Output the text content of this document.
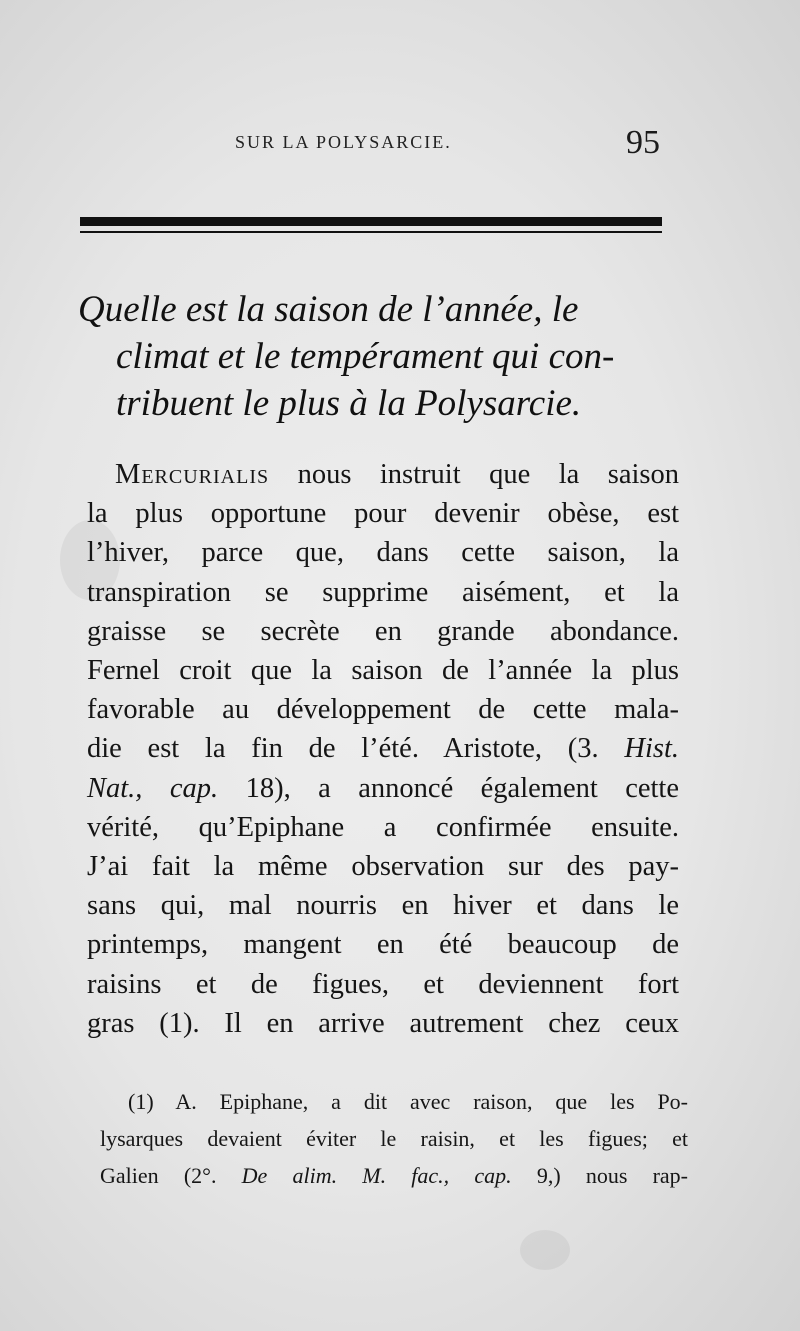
SUR LA POLYSARCIE.	95
Quelle est la saison de l’année, le
climat et le tempérament qui con-
tribuent le plus à la Polysarcie.
Mercurialis nous instruit que la saison
la plus opportune pour devenir obèse, est
l’hiver, parce que, dans cette saison, la
transpiration se supprime aisément, et la
graisse se secrète en grande abondance.
Fernel croit que la saison de l’année la plus
favorable au développement de cette mala-
die est la fin de l’été. Aristote, (3. Hist.
Nat., cap. 18), a annoncé également cette
vérité, qu’Epiphane a confirmée ensuite.
J’ai fait la même observation sur des pay-
sans qui, mal nourris en hiver et dans le
printemps, mangent en été beaucoup de
raisins et de figues, et deviennent fort
gras (1). Il en arrive autrement chez ceux
(1) A. Epiphane, a dit avec raison, que les Po-
lysarques devaient éviter le raisin, et les figues; et
Galien (2°. De alim. M. fac., cap. 9,) nous rap-
